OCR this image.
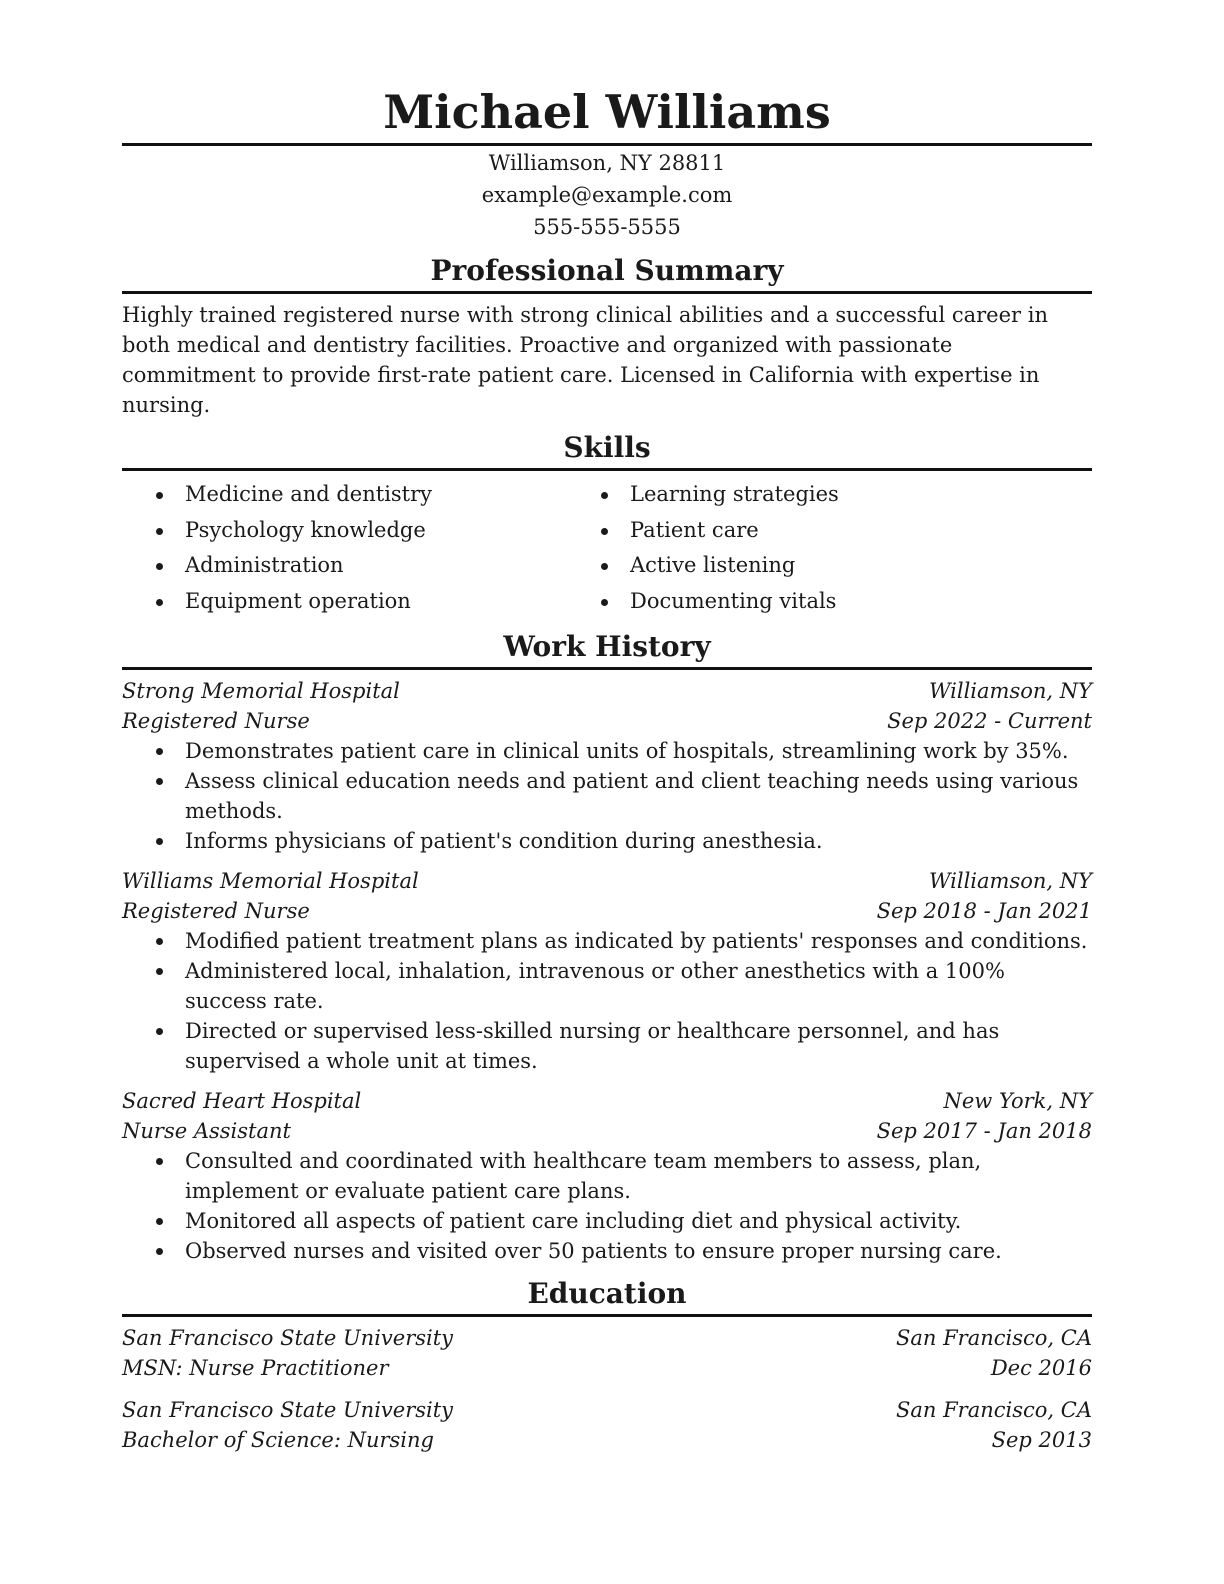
Michael Williams
Williamson, NY 28811
example@example.com
555-555-5555
Professional Summary
Highly trained registered nurse with strong clinical abilities and a successful career in both medical and dentistry facilities. Proactive and organized with passionate commitment to provide first-rate patient care. Licensed in California with expertise in nursing.
Skills
Medicine and dentistry
Psychology knowledge
Administration
Equipment operation
Learning strategies
Patient care
Active listening
Documenting vitals
Work History
Strong Memorial Hospital	Williamson, NY
Registered Nurse	Sep 2022 - Current
Demonstrates patient care in clinical units of hospitals, streamlining work by 35%.
Assess clinical education needs and patient and client teaching needs using various methods.
Informs physicians of patient's condition during anesthesia.
Williams Memorial Hospital	Williamson, NY
Registered Nurse	Sep 2018 - Jan 2021
Modified patient treatment plans as indicated by patients' responses and conditions.
Administered local, inhalation, intravenous or other anesthetics with a 100% success rate.
Directed or supervised less-skilled nursing or healthcare personnel, and has supervised a whole unit at times.
Sacred Heart Hospital	New York, NY
Nurse Assistant	Sep 2017 - Jan 2018
Consulted and coordinated with healthcare team members to assess, plan, implement or evaluate patient care plans.
Monitored all aspects of patient care including diet and physical activity.
Observed nurses and visited over 50 patients to ensure proper nursing care.
Education
San Francisco State University	San Francisco, CA
MSN: Nurse Practitioner	Dec 2016
San Francisco State University	San Francisco, CA
Bachelor of Science: Nursing	Sep 2013
